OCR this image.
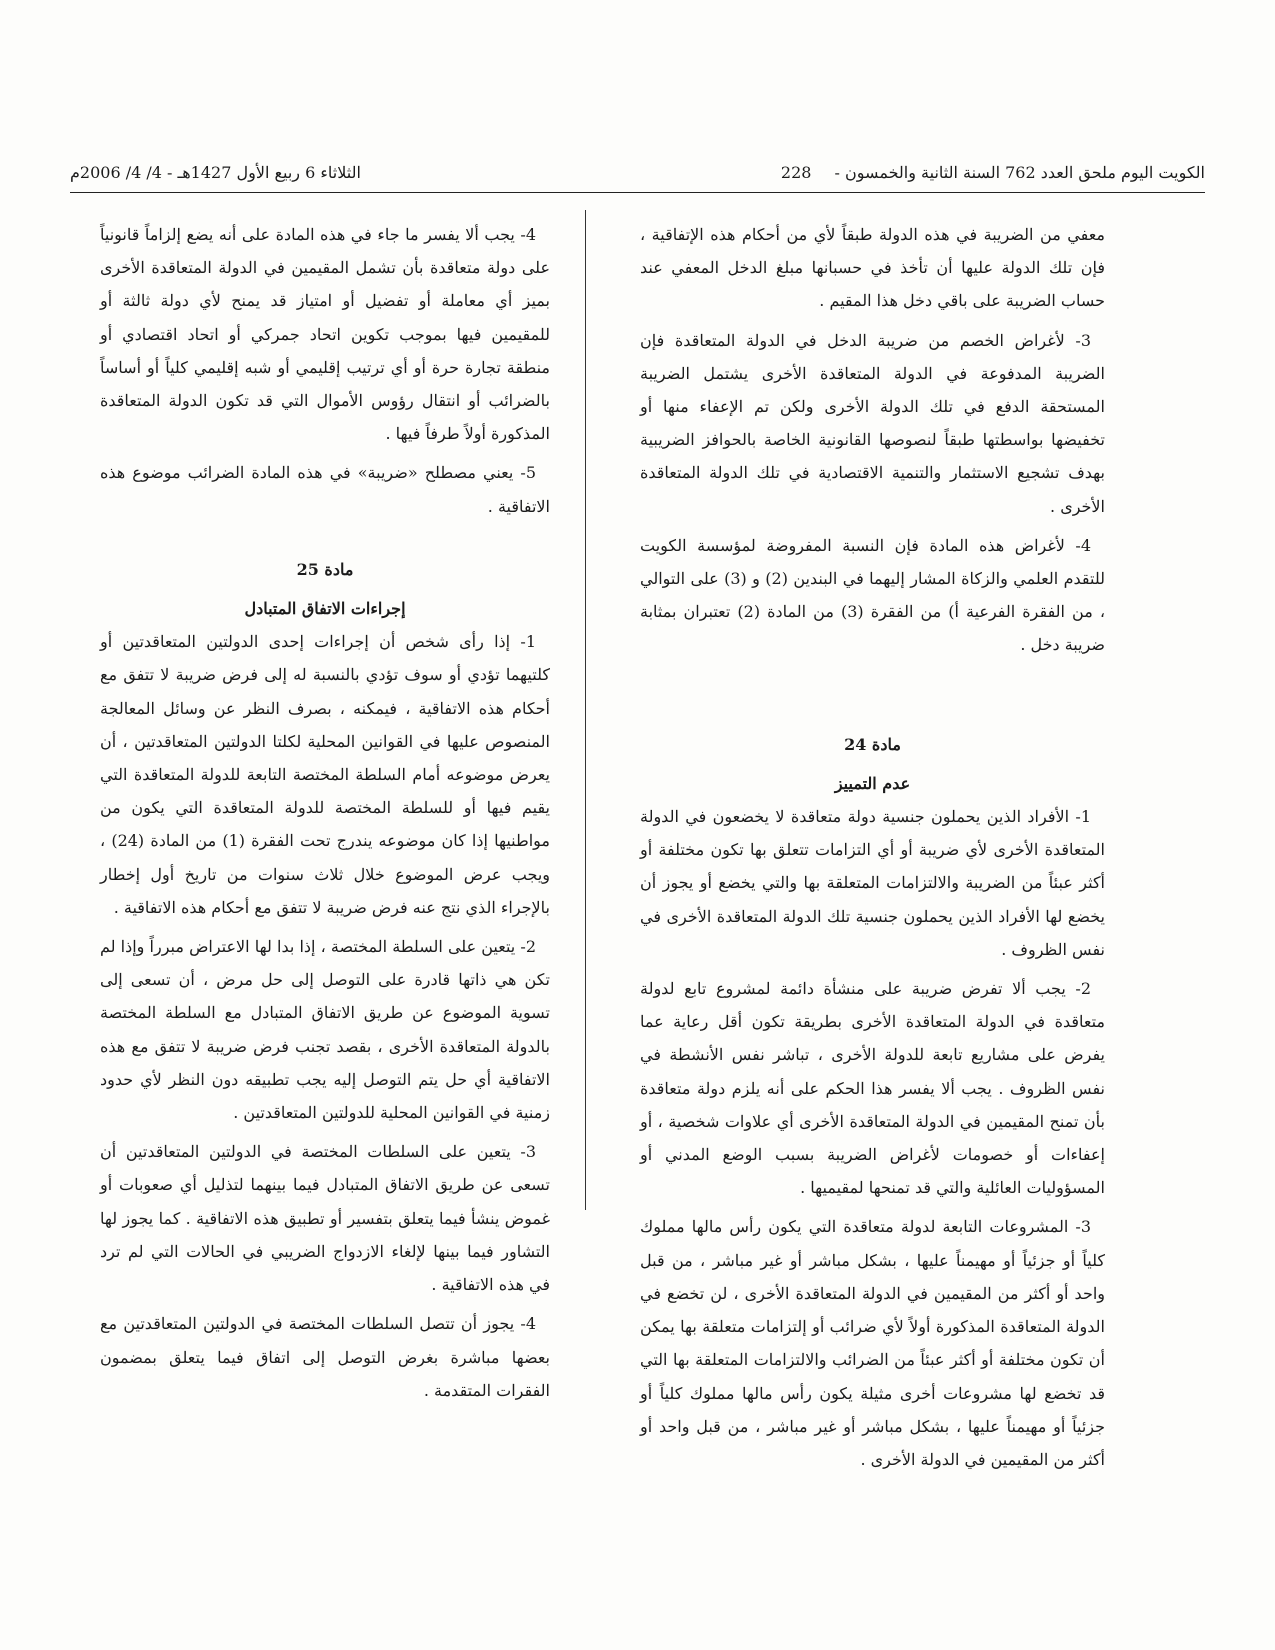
الكويت اليوم ملحق العدد 762 السنة الثانية والخمسون - 228
الثلاثاء 6 ربيع الأول 1427هـ - 4/ 4/ 2006م

معفي من الضريبة في هذه الدولة طبقاً لأي من أحكام هذه الإتفاقية ، فإن تلك الدولة عليها أن تأخذ في حسبانها مبلغ الدخل المعفي عند حساب الضريبة على باقي دخل هذا المقيم .

3- لأغراض الخصم من ضريبة الدخل في الدولة المتعاقدة فإن الضريبة المدفوعة في الدولة المتعاقدة الأخرى يشتمل الضريبة المستحقة الدفع في تلك الدولة الأخرى ولكن تم الإعفاء منها أو تخفيضها بواسطتها طبقاً لنصوصها القانونية الخاصة بالحوافز الضريبية بهدف تشجيع الاستثمار والتنمية الاقتصادية في تلك الدولة المتعاقدة الأخرى .

4- لأغراض هذه المادة فإن النسبة المفروضة لمؤسسة الكويت للتقدم العلمي والزكاة المشار إليهما في البندين (2) و (3) على التوالي ، من الفقرة الفرعية أ) من الفقرة (3) من المادة (2) تعتبران بمثابة ضريبة دخل .

مادة 24

عدم التمييز

1- الأفراد الذين يحملون جنسية دولة متعاقدة لا يخضعون في الدولة المتعاقدة الأخرى لأي ضريبة أو أي التزامات تتعلق بها تكون مختلفة أو أكثر عبئاً من الضريبة والالتزامات المتعلقة بها والتي يخضع أو يجوز أن يخضع لها الأفراد الذين يحملون جنسية تلك الدولة المتعاقدة الأخرى في نفس الظروف .

2- يجب ألا تفرض ضريبة على منشأة دائمة لمشروع تابع لدولة متعاقدة في الدولة المتعاقدة الأخرى بطريقة تكون أقل رعاية عما يفرض على مشاريع تابعة للدولة الأخرى ، تباشر نفس الأنشطة في نفس الظروف . يجب ألا يفسر هذا الحكم على أنه يلزم دولة متعاقدة بأن تمنح المقيمين في الدولة المتعاقدة الأخرى أي علاوات شخصية ، أو إعفاءات أو خصومات لأغراض الضريبة بسبب الوضع المدني أو المسؤوليات العائلية والتي قد تمنحها لمقيميها .

3- المشروعات التابعة لدولة متعاقدة التي يكون رأس مالها مملوك كلياً أو جزئياً أو مهيمناً عليها ، بشكل مباشر أو غير مباشر ، من قبل واحد أو أكثر من المقيمين في الدولة المتعاقدة الأخرى ، لن تخضع في الدولة المتعاقدة المذكورة أولاً لأي ضرائب أو إلتزامات متعلقة بها يمكن أن تكون مختلفة أو أكثر عبئاً من الضرائب والالتزامات المتعلقة بها التي قد تخضع لها مشروعات أخرى مثيلة يكون رأس مالها مملوك كلياً أو جزئياً أو مهيمناً عليها ، بشكل مباشر أو غير مباشر ، من قبل واحد أو أكثر من المقيمين في الدولة الأخرى .

4- يجب ألا يفسر ما جاء في هذه المادة على أنه يضع إلزاماً قانونياً على دولة متعاقدة بأن تشمل المقيمين في الدولة المتعاقدة الأخرى بميز أي معاملة أو تفضيل أو امتياز قد يمنح لأي دولة ثالثة أو للمقيمين فيها بموجب تكوين اتحاد جمركي أو اتحاد اقتصادي أو منطقة تجارة حرة أو أي ترتيب إقليمي أو شبه إقليمي كلياً أو أساساً بالضرائب أو انتقال رؤوس الأموال التي قد تكون الدولة المتعاقدة المذكورة أولاً طرفاً فيها .

5- يعني مصطلح «ضريبة» في هذه المادة الضرائب موضوع هذه الاتفاقية .

مادة 25

إجراءات الاتفاق المتبادل

1- إذا رأى شخص أن إجراءات إحدى الدولتين المتعاقدتين أو كلتيهما تؤدي أو سوف تؤدي بالنسبة له إلى فرض ضريبة لا تتفق مع أحكام هذه الاتفاقية ، فيمكنه ، بصرف النظر عن وسائل المعالجة المنصوص عليها في القوانين المحلية لكلتا الدولتين المتعاقدتين ، أن يعرض موضوعه أمام السلطة المختصة التابعة للدولة المتعاقدة التي يقيم فيها أو للسلطة المختصة للدولة المتعاقدة التي يكون من مواطنيها إذا كان موضوعه يندرج تحت الفقرة (1) من المادة (24) ، ويجب عرض الموضوع خلال ثلاث سنوات من تاريخ أول إخطار بالإجراء الذي نتج عنه فرض ضريبة لا تتفق مع أحكام هذه الاتفاقية .

2- يتعين على السلطة المختصة ، إذا بدا لها الاعتراض مبرراً وإذا لم تكن هي ذاتها قادرة على التوصل إلى حل مرض ، أن تسعى إلى تسوية الموضوع عن طريق الاتفاق المتبادل مع السلطة المختصة بالدولة المتعاقدة الأخرى ، بقصد تجنب فرض ضريبة لا تتفق مع هذه الاتفاقية أي حل يتم التوصل إليه يجب تطبيقه دون النظر لأي حدود زمنية في القوانين المحلية للدولتين المتعاقدتين .

3- يتعين على السلطات المختصة في الدولتين المتعاقدتين أن تسعى عن طريق الاتفاق المتبادل فيما بينهما لتذليل أي صعوبات أو غموض ينشأ فيما يتعلق بتفسير أو تطبيق هذه الاتفاقية . كما يجوز لها التشاور فيما بينها لإلغاء الازدواج الضريبي في الحالات التي لم ترد في هذه الاتفاقية .

4- يجوز أن تتصل السلطات المختصة في الدولتين المتعاقدتين مع بعضها مباشرة بغرض التوصل إلى اتفاق فيما يتعلق بمضمون الفقرات المتقدمة .
